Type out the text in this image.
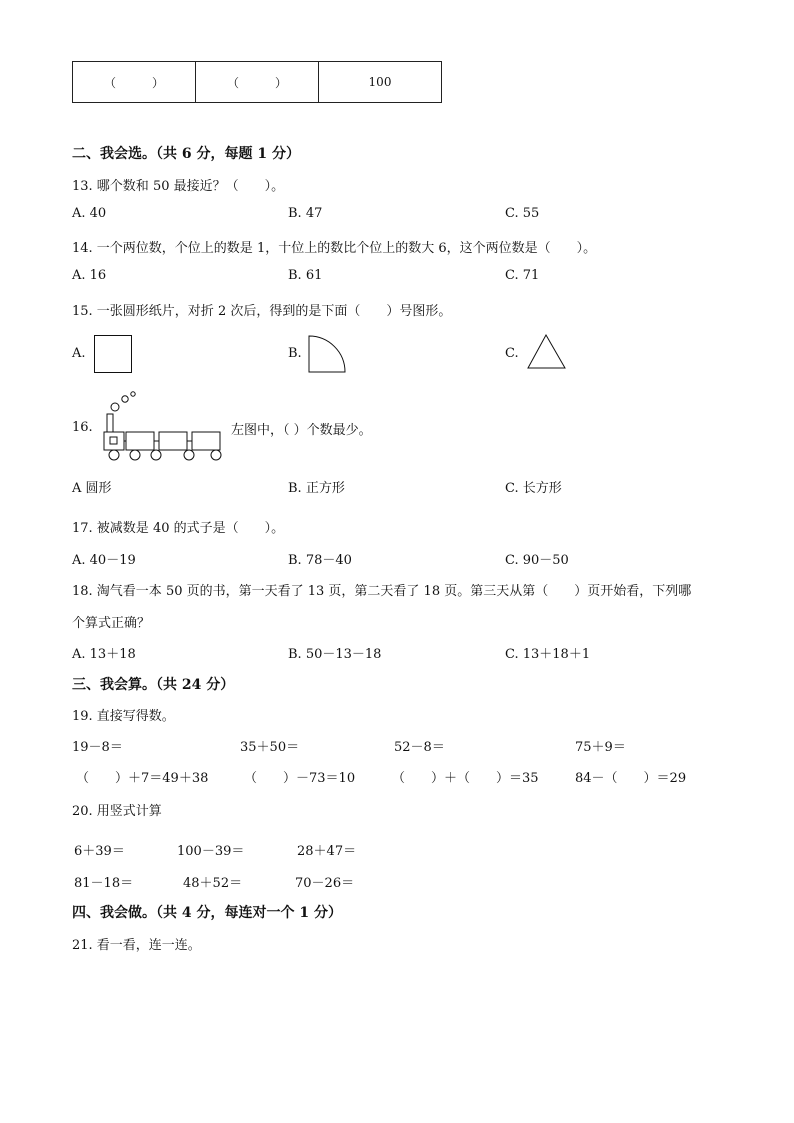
（　　　）	（　　　）	100
二、我会选。（共 6 分，每题 1 分）
13. 哪个数和 50 最接近？（　　）。
A. 40	B. 47	C. 55
14. 一个两位数，个位上的数是 1，十位上的数比个位上的数大 6，这个两位数是（　　）。
A. 16	B. 61	C. 71
15. 一张圆形纸片，对折 2 次后，得到的是下面（　　）号图形。
A.	B.	C.
16.	左图中，（ ）个数最少。
A 圆形	B. 正方形	C. 长方形
17. 被减数是 40 的式子是（　　）。
A. 40－19	B. 78－40	C. 90－50
18. 淘气看一本 50 页的书，第一天看了 13 页，第二天看了 18 页。第三天从第（　　）页开始看，下列哪
个算式正确？
A. 13＋18	B. 50－13－18	C. 13＋18＋1
三、我会算。（共 24 分）
19. 直接写得数。
19－8＝	35＋50＝	52－8＝	75＋9＝
（　　）＋7＝49＋38	（　　）－73＝10	（　　）＋（　　）＝35	84－（　　）＝29
20. 用竖式计算
6＋39＝	100－39＝	28＋47＝
81－18＝	48＋52＝	70－26＝
四、我会做。（共 4 分，每连对一个 1 分）
21. 看一看，连一连。
